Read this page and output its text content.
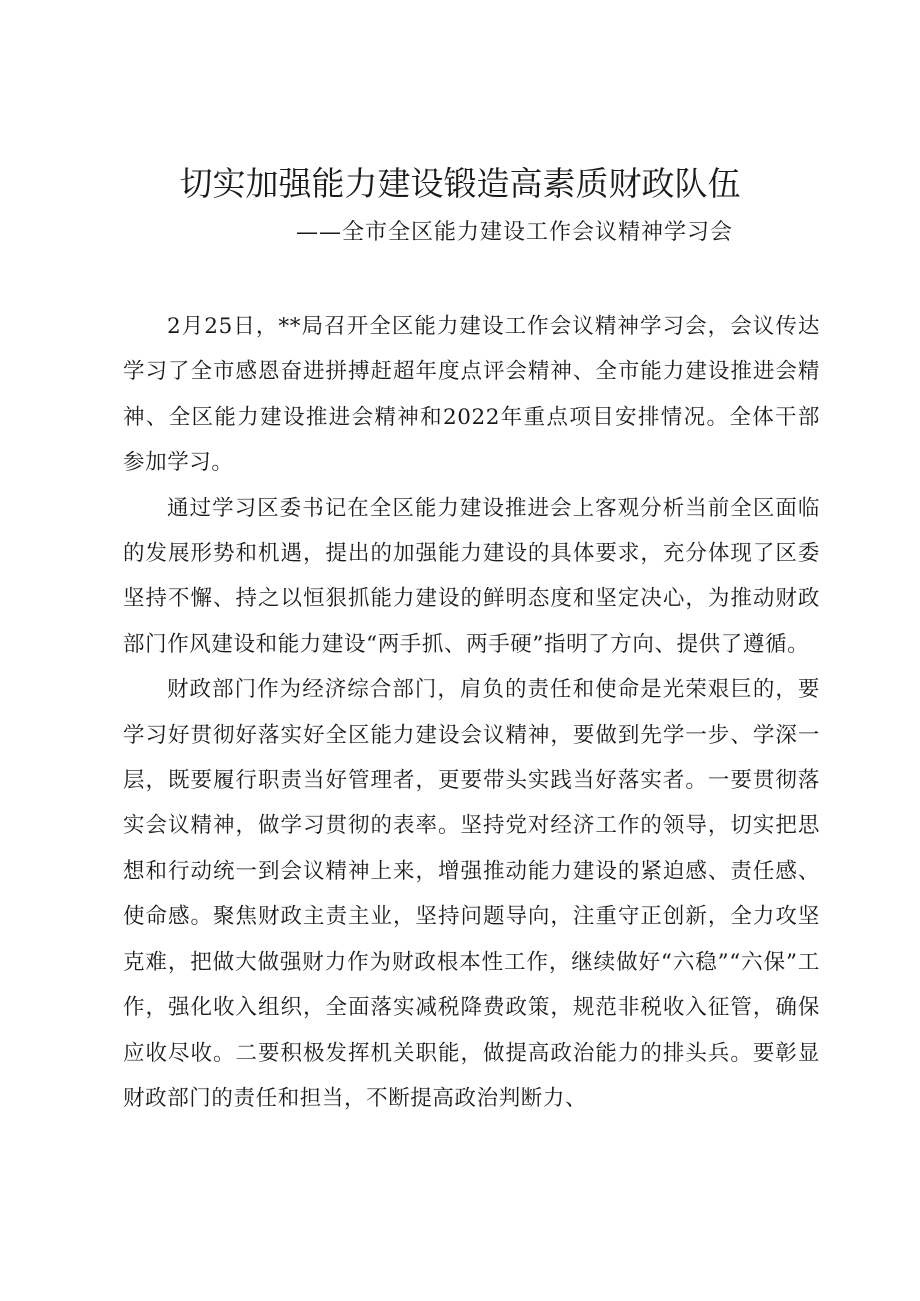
切实加强能力建设锻造高素质财政队伍

——全市全区能力建设工作会议精神学习会

2月25日，**局召开全区能力建设工作会议精神学习会，会议传达学习了全市感恩奋进拼搏赶超年度点评会精神、全市能力建设推进会精神、全区能力建设推进会精神和2022年重点项目安排情况。全体干部参加学习。

通过学习区委书记在全区能力建设推进会上客观分析当前全区面临的发展形势和机遇，提出的加强能力建设的具体要求，充分体现了区委坚持不懈、持之以恒狠抓能力建设的鲜明态度和坚定决心，为推动财政部门作风建设和能力建设“两手抓、两手硬”指明了方向、提供了遵循。

财政部门作为经济综合部门，肩负的责任和使命是光荣艰巨的，要学习好贯彻好落实好全区能力建设会议精神，要做到先学一步、学深一层，既要履行职责当好管理者，更要带头实践当好落实者。一要贯彻落实会议精神，做学习贯彻的表率。坚持党对经济工作的领导，切实把思想和行动统一到会议精神上来，增强推动能力建设的紧迫感、责任感、使命感。聚焦财政主责主业，坚持问题导向，注重守正创新，全力攻坚克难，把做大做强财力作为财政根本性工作，继续做好“六稳”“六保”工作，强化收入组织，全面落实减税降费政策，规范非税收入征管，确保应收尽收。二要积极发挥机关职能，做提高政治能力的排头兵。要彰显财政部门的责任和担当，不断提高政治判断力、
